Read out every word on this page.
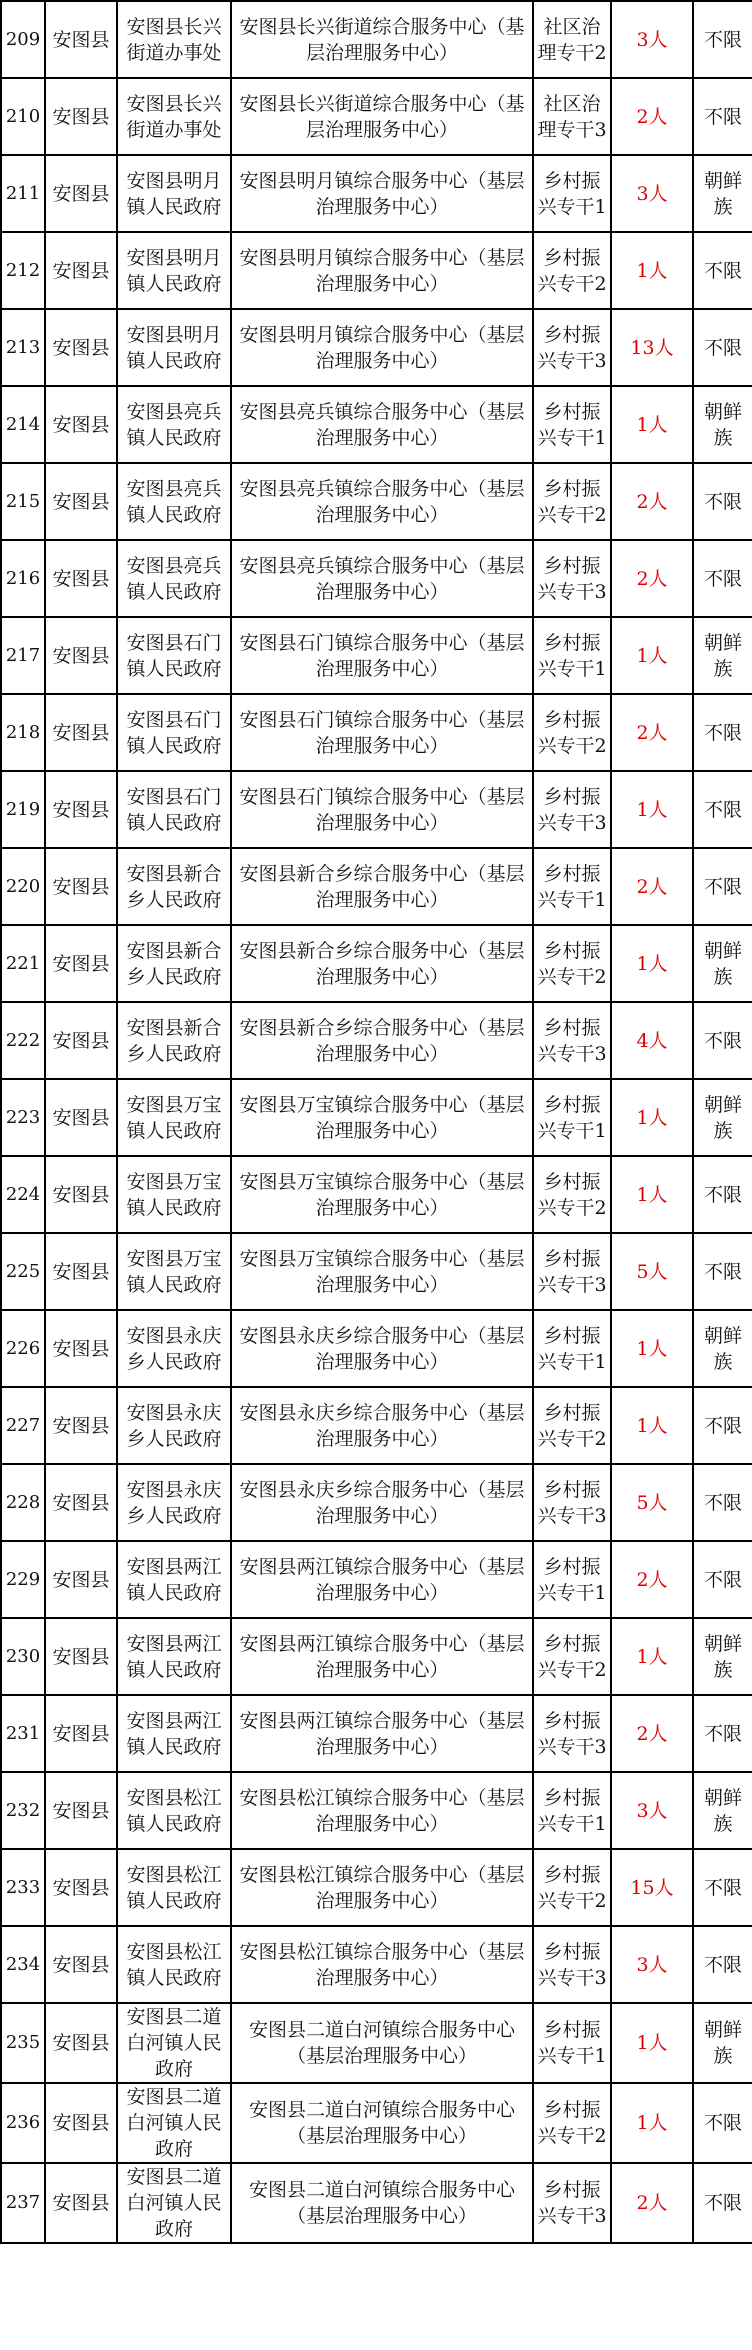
209	安图县	安图县长兴街道办事处	安图县长兴街道综合服务中心（基层治理服务中心）	社区治理专干2	3人	不限
210	安图县	安图县长兴街道办事处	安图县长兴街道综合服务中心（基层治理服务中心）	社区治理专干3	2人	不限
211	安图县	安图县明月镇人民政府	安图县明月镇综合服务中心（基层治理服务中心）	乡村振兴专干1	3人	朝鲜族
212	安图县	安图县明月镇人民政府	安图县明月镇综合服务中心（基层治理服务中心）	乡村振兴专干2	1人	不限
213	安图县	安图县明月镇人民政府	安图县明月镇综合服务中心（基层治理服务中心）	乡村振兴专干3	13人	不限
214	安图县	安图县亮兵镇人民政府	安图县亮兵镇综合服务中心（基层治理服务中心）	乡村振兴专干1	1人	朝鲜族
215	安图县	安图县亮兵镇人民政府	安图县亮兵镇综合服务中心（基层治理服务中心）	乡村振兴专干2	2人	不限
216	安图县	安图县亮兵镇人民政府	安图县亮兵镇综合服务中心（基层治理服务中心）	乡村振兴专干3	2人	不限
217	安图县	安图县石门镇人民政府	安图县石门镇综合服务中心（基层治理服务中心）	乡村振兴专干1	1人	朝鲜族
218	安图县	安图县石门镇人民政府	安图县石门镇综合服务中心（基层治理服务中心）	乡村振兴专干2	2人	不限
219	安图县	安图县石门镇人民政府	安图县石门镇综合服务中心（基层治理服务中心）	乡村振兴专干3	1人	不限
220	安图县	安图县新合乡人民政府	安图县新合乡综合服务中心（基层治理服务中心）	乡村振兴专干1	2人	不限
221	安图县	安图县新合乡人民政府	安图县新合乡综合服务中心（基层治理服务中心）	乡村振兴专干2	1人	朝鲜族
222	安图县	安图县新合乡人民政府	安图县新合乡综合服务中心（基层治理服务中心）	乡村振兴专干3	4人	不限
223	安图县	安图县万宝镇人民政府	安图县万宝镇综合服务中心（基层治理服务中心）	乡村振兴专干1	1人	朝鲜族
224	安图县	安图县万宝镇人民政府	安图县万宝镇综合服务中心（基层治理服务中心）	乡村振兴专干2	1人	不限
225	安图县	安图县万宝镇人民政府	安图县万宝镇综合服务中心（基层治理服务中心）	乡村振兴专干3	5人	不限
226	安图县	安图县永庆乡人民政府	安图县永庆乡综合服务中心（基层治理服务中心）	乡村振兴专干1	1人	朝鲜族
227	安图县	安图县永庆乡人民政府	安图县永庆乡综合服务中心（基层治理服务中心）	乡村振兴专干2	1人	不限
228	安图县	安图县永庆乡人民政府	安图县永庆乡综合服务中心（基层治理服务中心）	乡村振兴专干3	5人	不限
229	安图县	安图县两江镇人民政府	安图县两江镇综合服务中心（基层治理服务中心）	乡村振兴专干1	2人	不限
230	安图县	安图县两江镇人民政府	安图县两江镇综合服务中心（基层治理服务中心）	乡村振兴专干2	1人	朝鲜族
231	安图县	安图县两江镇人民政府	安图县两江镇综合服务中心（基层治理服务中心）	乡村振兴专干3	2人	不限
232	安图县	安图县松江镇人民政府	安图县松江镇综合服务中心（基层治理服务中心）	乡村振兴专干1	3人	朝鲜族
233	安图县	安图县松江镇人民政府	安图县松江镇综合服务中心（基层治理服务中心）	乡村振兴专干2	15人	不限
234	安图县	安图县松江镇人民政府	安图县松江镇综合服务中心（基层治理服务中心）	乡村振兴专干3	3人	不限
235	安图县	安图县二道白河镇人民政府	安图县二道白河镇综合服务中心（基层治理服务中心）	乡村振兴专干1	1人	朝鲜族
236	安图县	安图县二道白河镇人民政府	安图县二道白河镇综合服务中心（基层治理服务中心）	乡村振兴专干2	1人	不限
237	安图县	安图县二道白河镇人民政府	安图县二道白河镇综合服务中心（基层治理服务中心）	乡村振兴专干3	2人	不限
